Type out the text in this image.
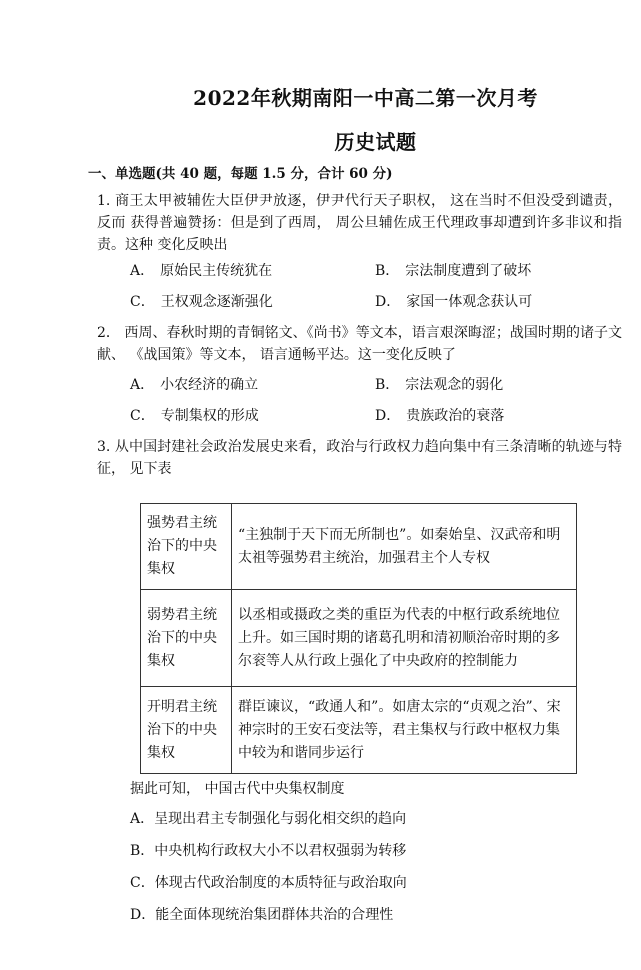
2022年秋期南阳一中高二第一次月考
历史试题
一、单选题(共 40 题，每题 1.5 分，合计 60 分)
1. 商王太甲被辅佐大臣伊尹放逐，伊尹代行天子职权， 这在当时不但没受到谴责，反而 获得普遍赞扬：但是到了西周， 周公旦辅佐成王代理政事却遭到许多非议和指责。这种 变化反映出
A． 原始民主传统犹在	B． 宗法制度遭到了破坏
C． 王权观念逐渐强化	D． 家国一体观念获认可
2． 西周、春秋时期的青铜铭文、《尚书》等文本，语言艰深晦涩；战国时期的诸子文献、 《战国策》等文本， 语言通畅平达。这一变化反映了
A． 小农经济的确立	B． 宗法观念的弱化
C． 专制集权的形成	D． 贵族政治的衰落
3. 从中国封建社会政治发展史来看，政治与行政权力趋向集中有三条清晰的轨迹与特征， 见下表
强势君主统治下的中央集权	“主独制于天下而无所制也”。如秦始皇、汉武帝和明太祖等强势君主统治，加强君主个人专权
弱势君主统治下的中央集权	以丞相或摄政之类的重臣为代表的中枢行政系统地位上升。如三国时期的诸葛孔明和清初顺治帝时期的多尔衮等人从行政上强化了中央政府的控制能力
开明君主统治下的中央集权	群臣谏议，“政通人和”。如唐太宗的“贞观之治”、宋神宗时的王安石变法等，君主集权与行政中枢权力集中较为和谐同步运行
据此可知， 中国古代中央集权制度
A．呈现出君主专制强化与弱化相交织的趋向
B．中央机构行政权大小不以君权强弱为转移
C．体现古代政治制度的本质特征与政治取向
D．能全面体现统治集团群体共治的合理性
